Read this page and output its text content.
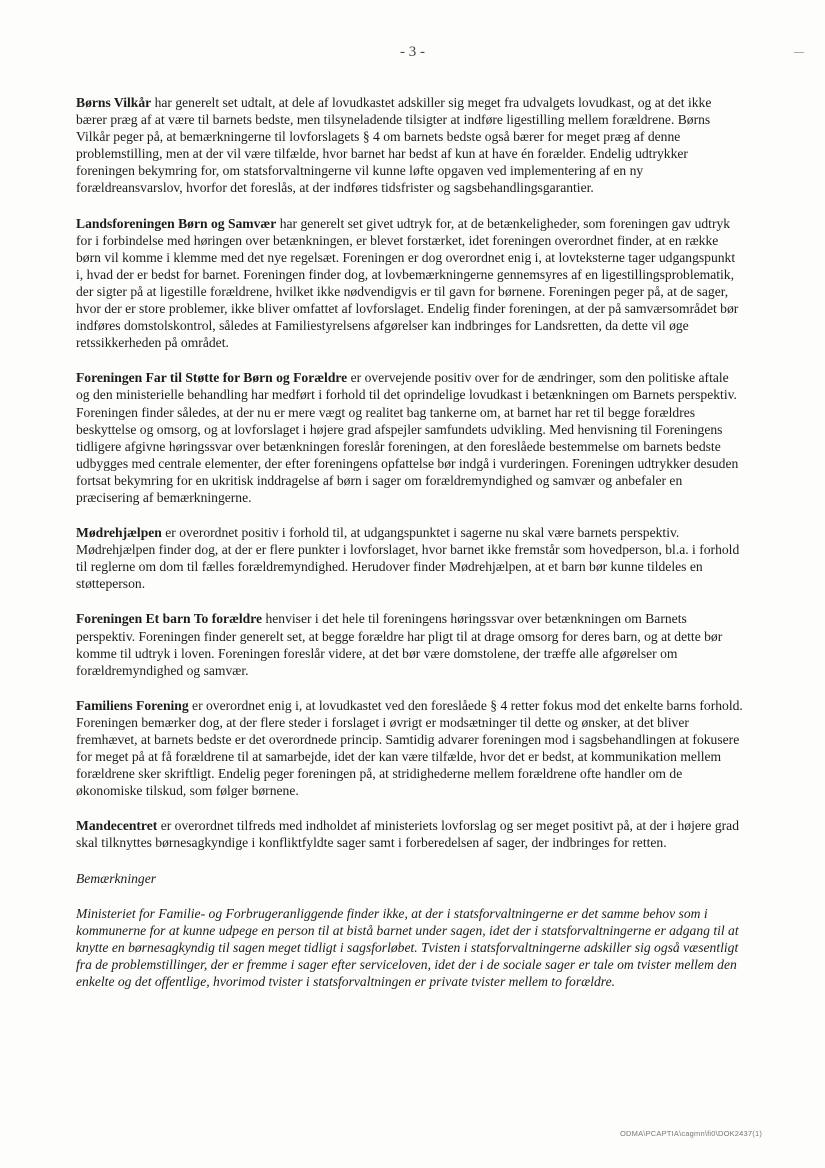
- 3 -

Børns Vilkår har generelt set udtalt, at dele af lovudkastet adskiller sig meget fra udvalgets lovudkast, og at det ikke bærer præg af at være til barnets bedste, men tilsyneladende tilsigter at indføre ligestilling mellem forældrene. Børns Vilkår peger på, at bemærkningerne til lovforslagets § 4 om barnets bedste også bærer for meget præg af denne problemstilling, men at der vil være tilfælde, hvor barnet har bedst af kun at have én forælder. Endelig udtrykker foreningen bekymring for, om statsforvaltningerne vil kunne løfte opgaven ved implementering af en ny forældreansvarslov, hvorfor det foreslås, at der indføres tidsfrister og sagsbehandlingsgarantier.

Landsforeningen Børn og Samvær har generelt set givet udtryk for, at de betænkeligheder, som foreningen gav udtryk for i forbindelse med høringen over betænkningen, er blevet forstærket, idet foreningen overordnet finder, at en række børn vil komme i klemme med det nye regelsæt. Foreningen er dog overordnet enig i, at lovteksterne tager udgangspunkt i, hvad der er bedst for barnet. Foreningen finder dog, at lovbemærkningerne gennemsyres af en ligestillingsproblematik, der sigter på at ligestille forældrene, hvilket ikke nødvendigvis er til gavn for børnene. Foreningen peger på, at de sager, hvor der er store problemer, ikke bliver omfattet af lovforslaget. Endelig finder foreningen, at der på samværsområdet bør indføres domstolskontrol, således at Familiestyrelsens afgørelser kan indbringes for Landsretten, da dette vil øge retssikkerheden på området.

Foreningen Far til Støtte for Børn og Forældre er overvejende positiv over for de ændringer, som den politiske aftale og den ministerielle behandling har medført i forhold til det oprindelige lovudkast i betænkningen om Barnets perspektiv. Foreningen finder således, at der nu er mere vægt og realitet bag tankerne om, at barnet har ret til begge forældres beskyttelse og omsorg, og at lovforslaget i højere grad afspejler samfundets udvikling. Med henvisning til Foreningens tidligere afgivne høringssvar over betænkningen foreslår foreningen, at den foreslåede bestemmelse om barnets bedste udbygges med centrale elementer, der efter foreningens opfattelse bør indgå i vurderingen. Foreningen udtrykker desuden fortsat bekymring for en ukritisk inddragelse af børn i sager om forældremyndighed og samvær og anbefaler en præcisering af bemærkningerne.

Mødrehjælpen er overordnet positiv i forhold til, at udgangspunktet i sagerne nu skal være barnets perspektiv. Mødrehjælpen finder dog, at der er flere punkter i lovforslaget, hvor barnet ikke fremstår som hovedperson, bl.a. i forhold til reglerne om dom til fælles forældremyndighed. Herudover finder Mødrehjælpen, at et barn bør kunne tildeles en støtteperson.

Foreningen Et barn To forældre henviser i det hele til foreningens høringssvar over betænkningen om Barnets perspektiv. Foreningen finder generelt set, at begge forældre har pligt til at drage omsorg for deres barn, og at dette bør komme til udtryk i loven. Foreningen foreslår videre, at det bør være domstolene, der træffe alle afgørelser om forældremyndighed og samvær.

Familiens Forening er overordnet enig i, at lovudkastet ved den foreslåede § 4 retter fokus mod det enkelte barns forhold. Foreningen bemærker dog, at der flere steder i forslaget i øvrigt er modsætninger til dette og ønsker, at det bliver fremhævet, at barnets bedste er det overordnede princip. Samtidig advarer foreningen mod i sagsbehandlingen at fokusere for meget på at få forældrene til at samarbejde, idet der kan være tilfælde, hvor det er bedst, at kommunikation mellem forældrene sker skriftligt. Endelig peger foreningen på, at stridighederne mellem forældrene ofte handler om de økonomiske tilskud, som følger børnene.

Mandecentret er overordnet tilfreds med indholdet af ministeriets lovforslag og ser meget positivt på, at der i højere grad skal tilknyttes børnesagkyndige i konfliktfyldte sager samt i forberedelsen af sager, der indbringes for retten.

Bemærkninger

Ministeriet for Familie- og Forbrugeranliggende finder ikke, at der i statsforvaltningerne er det samme behov som i kommunerne for at kunne udpege en person til at bistå barnet under sagen, idet der i statsforvaltningerne er adgang til at knytte en børnesagkyndig til sagen meget tidligt i sagsforløbet. Tvisten i statsforvaltningerne adskiller sig også væsentligt fra de problemstillinger, der er fremme i sager efter serviceloven, idet der i de sociale sager er tale om tvister mellem den enkelte og det offentlige, hvorimod tvister i statsforvaltningen er private tvister mellem to forældre.

ODMA\PCAPTIA\cagmn\fi0\DOK2437(1)
